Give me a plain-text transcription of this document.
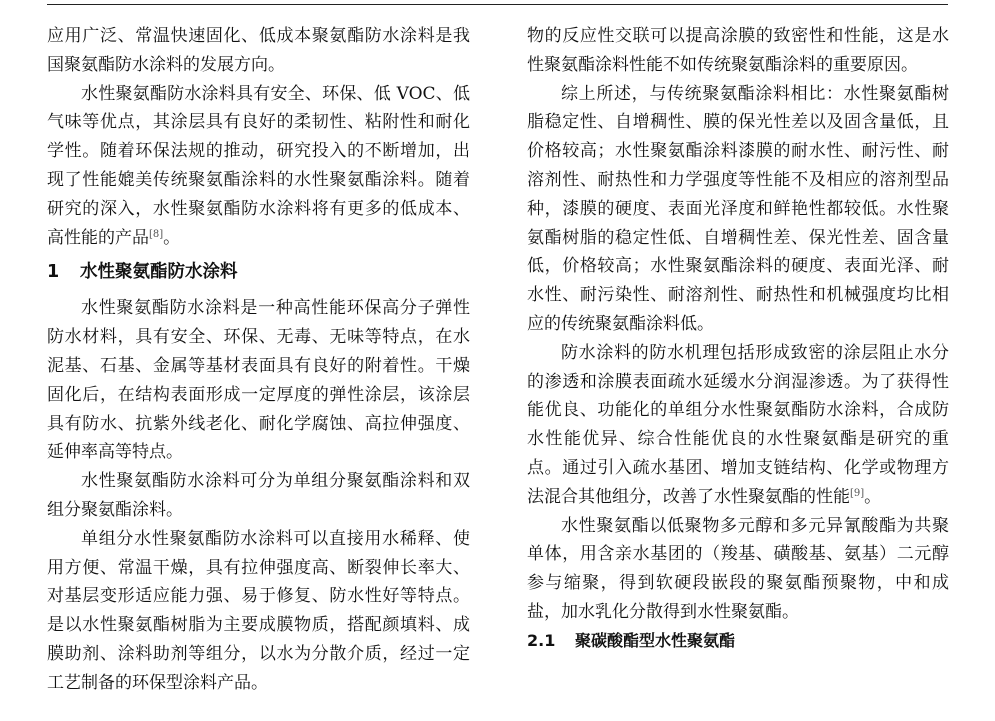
应用广泛、常温快速固化、低成本聚氨酯防水涂料是我国聚氨酯防水涂料的发展方向。

水性聚氨酯防水涂料具有安全、环保、低 VOC、低气味等优点，其涂层具有良好的柔韧性、粘附性和耐化学性。随着环保法规的推动，研究投入的不断增加，出现了性能媲美传统聚氨酯涂料的水性聚氨酯涂料。随着研究的深入，水性聚氨酯防水涂料将有更多的低成本、高性能的产品[8]。

1 水性聚氨酯防水涂料

水性聚氨酯防水涂料是一种高性能环保高分子弹性防水材料，具有安全、环保、无毒、无味等特点，在水泥基、石基、金属等基材表面具有良好的附着性。干燥固化后，在结构表面形成一定厚度的弹性涂层，该涂层具有防水、抗紫外线老化、耐化学腐蚀、高拉伸强度、延伸率高等特点。

水性聚氨酯防水涂料可分为单组分聚氨酯涂料和双组分聚氨酯涂料。

单组分水性聚氨酯防水涂料可以直接用水稀释、使用方便、常温干燥，具有拉伸强度高、断裂伸长率大、对基层变形适应能力强、易于修复、防水性好等特点。是以水性聚氨酯树脂为主要成膜物质，搭配颜填料、成膜助剂、涂料助剂等组分，以水为分散介质，经过一定工艺制备的环保型涂料产品。

物的反应性交联可以提高涂膜的致密性和性能，这是水性聚氨酯涂料性能不如传统聚氨酯涂料的重要原因。

综上所述，与传统聚氨酯涂料相比：水性聚氨酯树脂稳定性、自增稠性、膜的保光性差以及固含量低，且价格较高；水性聚氨酯涂料漆膜的耐水性、耐污性、耐溶剂性、耐热性和力学强度等性能不及相应的溶剂型品种，漆膜的硬度、表面光泽度和鲜艳性都较低。水性聚氨酯树脂的稳定性低、自增稠性差、保光性差、固含量低，价格较高；水性聚氨酯涂料的硬度、表面光泽、耐水性、耐污染性、耐溶剂性、耐热性和机械强度均比相应的传统聚氨酯涂料低。

防水涂料的防水机理包括形成致密的涂层阻止水分的渗透和涂膜表面疏水延缓水分润湿渗透。为了获得性能优良、功能化的单组分水性聚氨酯防水涂料，合成防水性能优异、综合性能优良的水性聚氨酯是研究的重点。通过引入疏水基团、增加支链结构、化学或物理方法混合其他组分，改善了水性聚氨酯的性能[9]。

水性聚氨酯以低聚物多元醇和多元异氰酸酯为共聚单体，用含亲水基团的（羧基、磺酸基、氨基）二元醇参与缩聚，得到软硬段嵌段的聚氨酯预聚物，中和成盐，加水乳化分散得到水性聚氨酯。

2.1 聚碳酸酯型水性聚氨酯
